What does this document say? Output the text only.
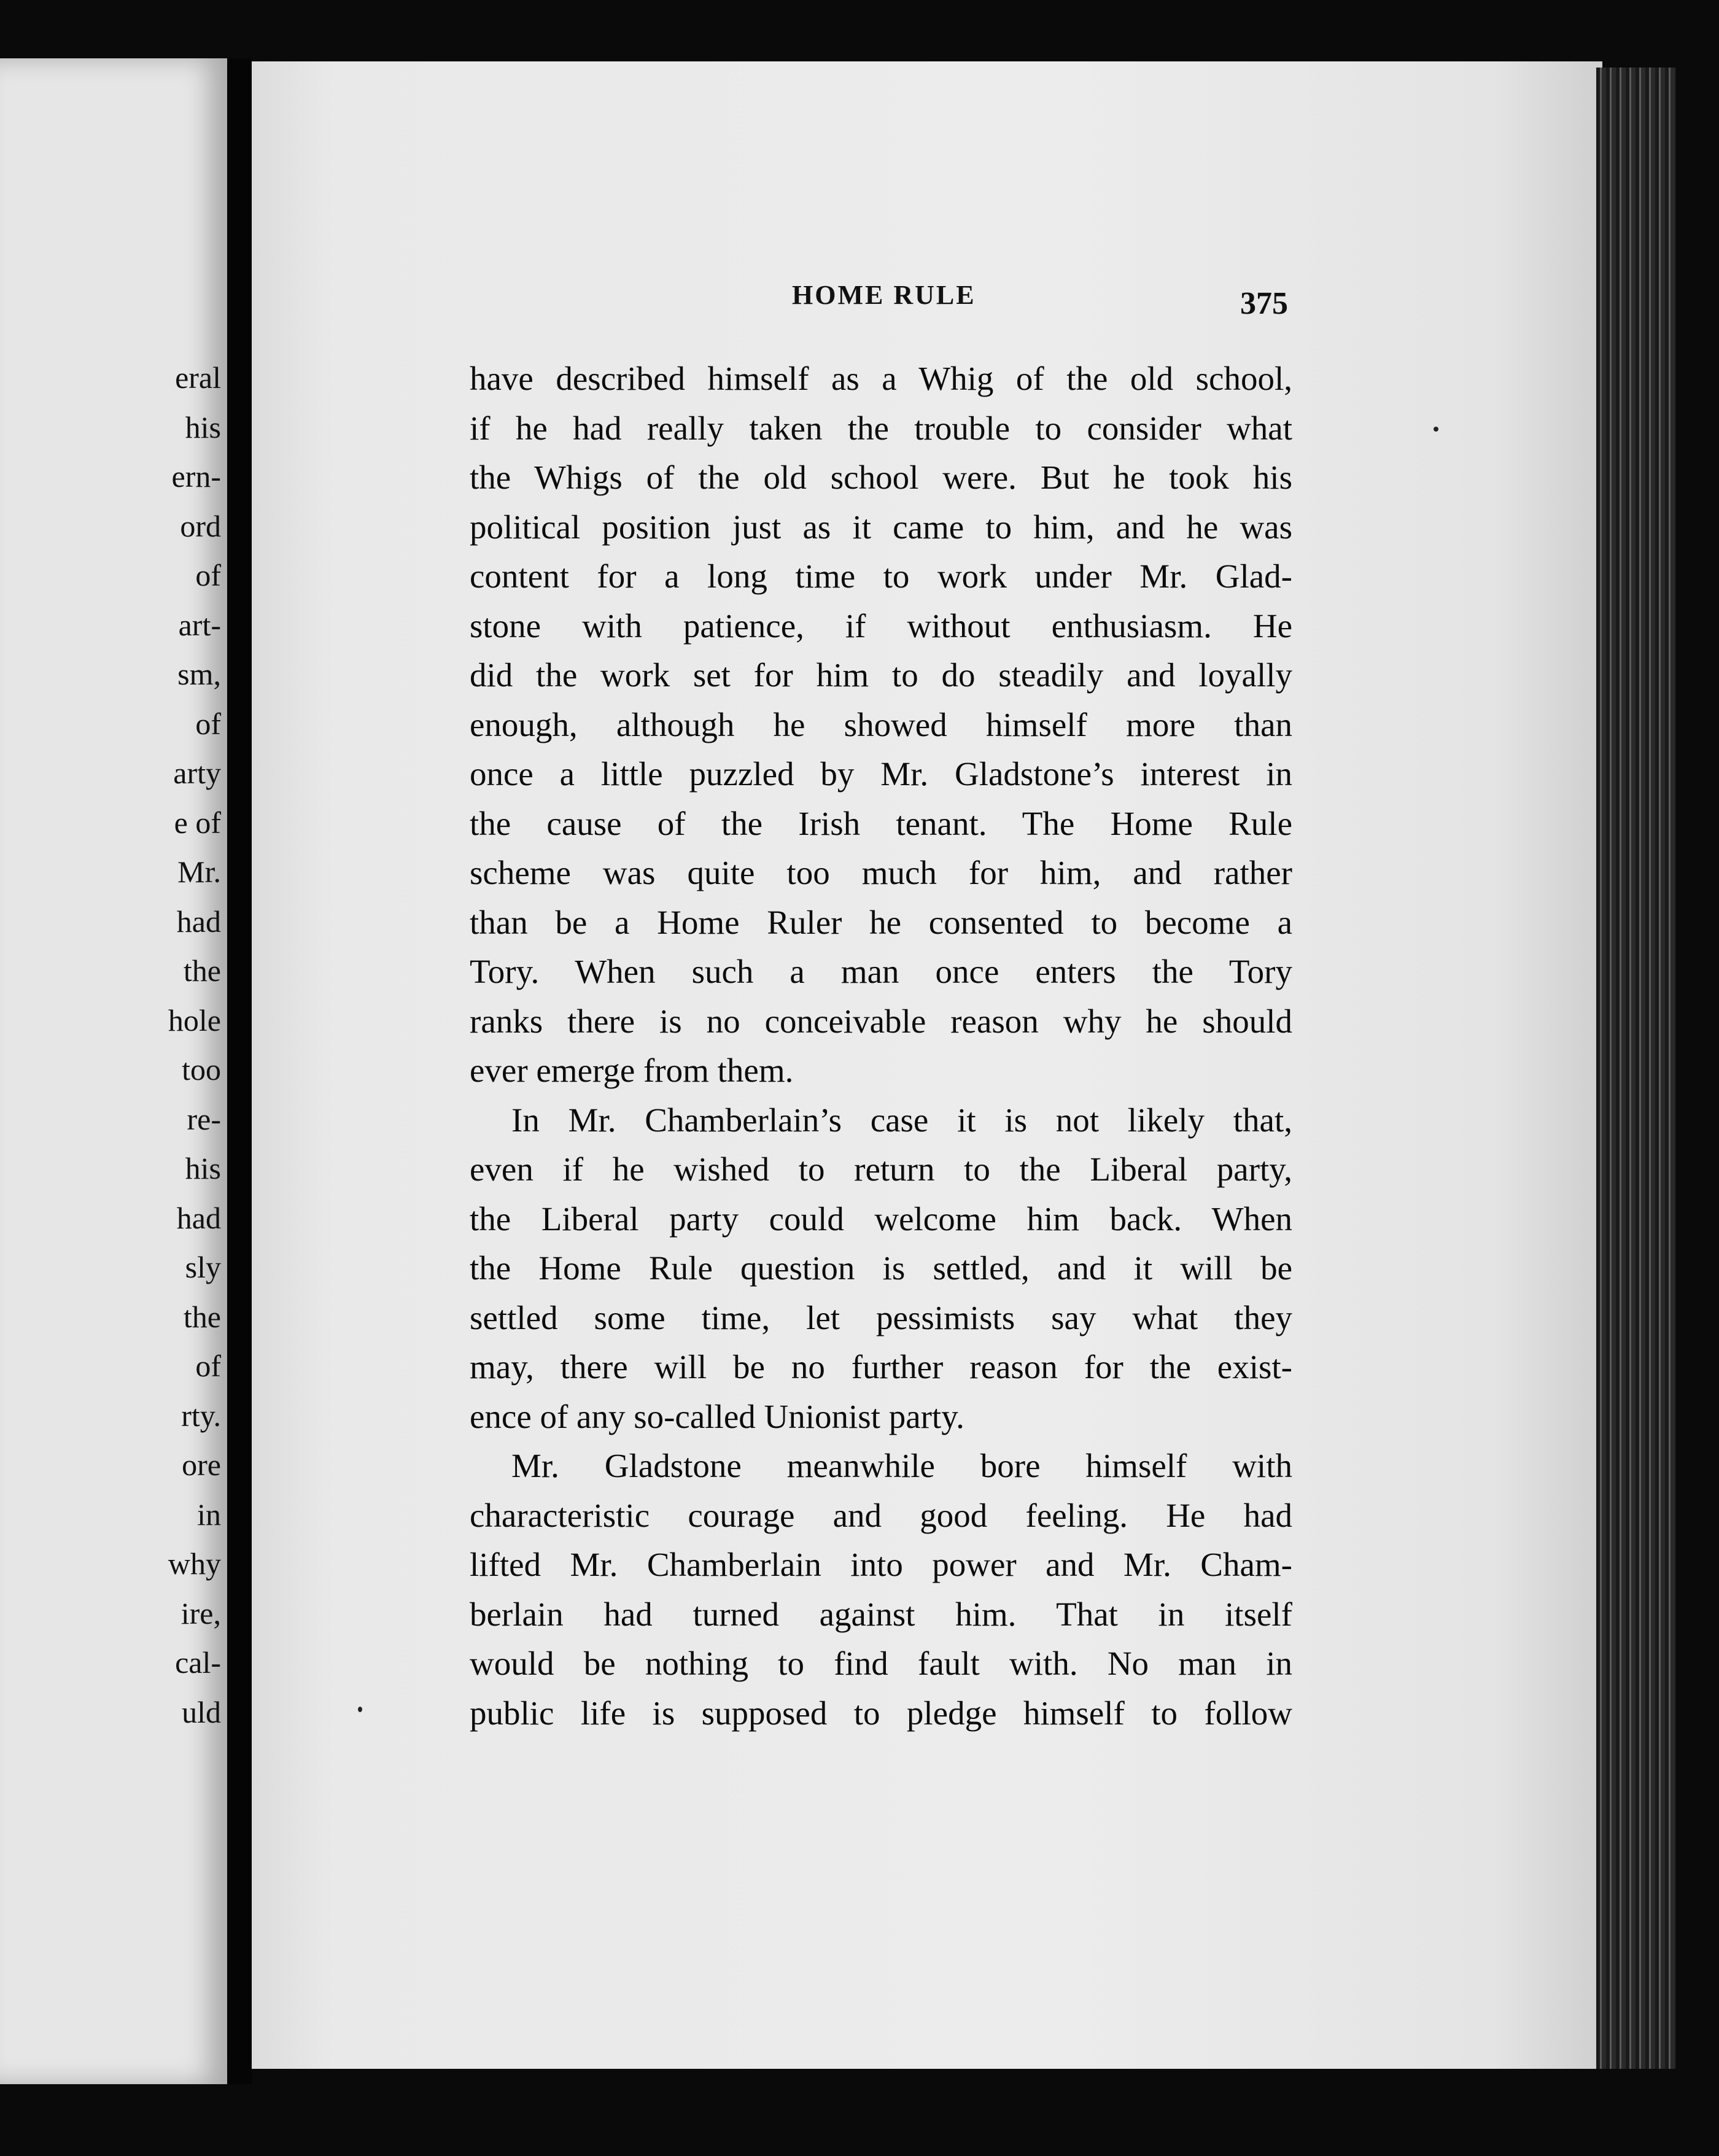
eral
his
ern-
ord
of
art-
sm,
of
arty
e of
Mr.
had
the
hole
too
re-
his
had
sly
the
of
rty.
ore
in
why
ire,
cal-
uld
HOME RULE	375
have described himself as a Whig of the old school,
if he had really taken the trouble to consider what
the Whigs of the old school were. But he took his
political position just as it came to him, and he was
content for a long time to work under Mr. Glad-
stone with patience, if without enthusiasm. He
did the work set for him to do steadily and loyally
enough, although he showed himself more than
once a little puzzled by Mr. Gladstone’s interest in
the cause of the Irish tenant. The Home Rule
scheme was quite too much for him, and rather
than be a Home Ruler he consented to become a
Tory. When such a man once enters the Tory
ranks there is no conceivable reason why he should
ever emerge from them.
In Mr. Chamberlain’s case it is not likely that,
even if he wished to return to the Liberal party,
the Liberal party could welcome him back. When
the Home Rule question is settled, and it will be
settled some time, let pessimists say what they
may, there will be no further reason for the exist-
ence of any so-called Unionist party.
Mr. Gladstone meanwhile bore himself with
characteristic courage and good feeling. He had
lifted Mr. Chamberlain into power and Mr. Cham-
berlain had turned against him. That in itself
would be nothing to find fault with. No man in
public life is supposed to pledge himself to follow
